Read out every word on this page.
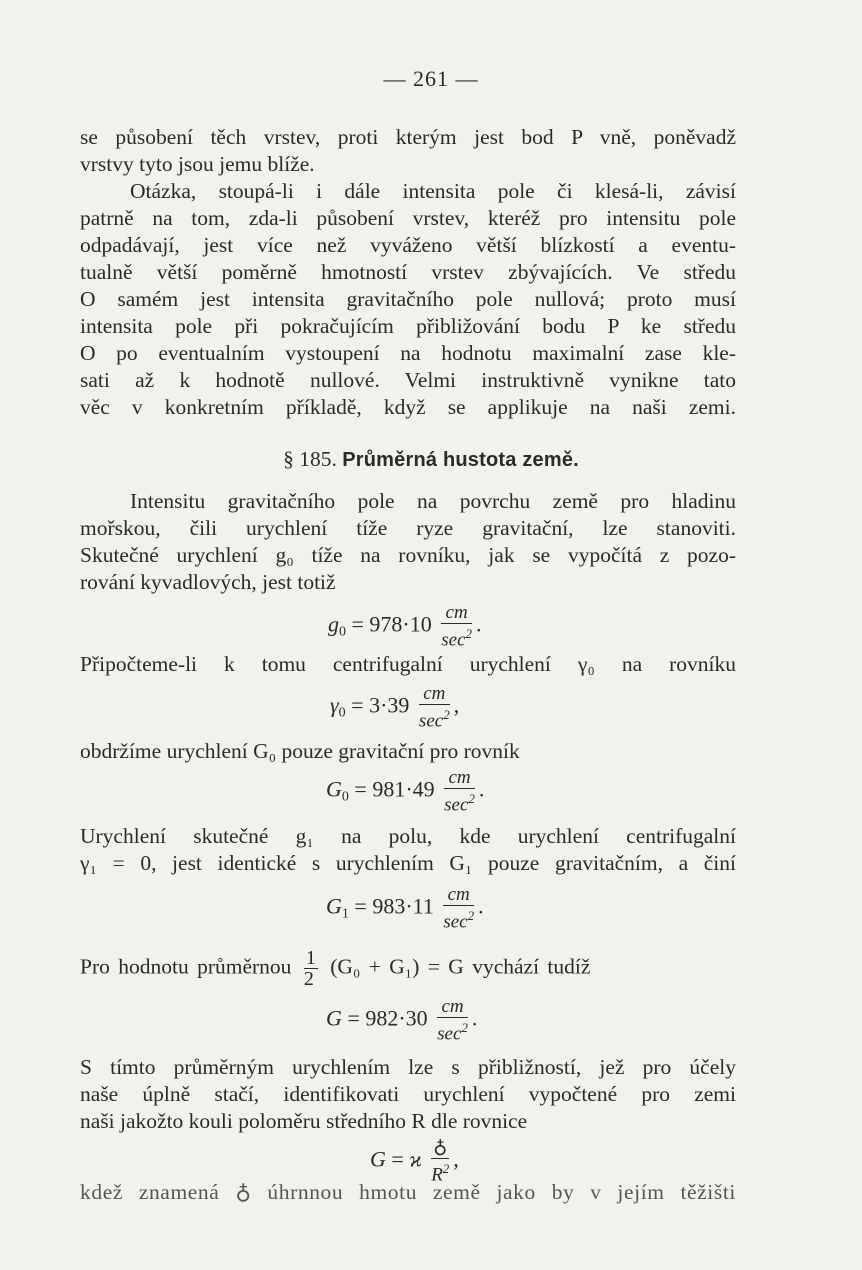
— 261 —
se působení těch vrstev, proti kterým jest bod P vně, poněvadž
vrstvy tyto jsou jemu blíže.
Otázka, stoupá-li i dále intensita pole či klesá-li, závisí
patrně na tom, zda-li působení vrstev, kteréž pro intensitu pole
odpadávají, jest více než vyváženo větší blízkostí a eventu-
tualně větší poměrně hmotností vrstev zbývajících. Ve středu
O samém jest intensita gravitačního pole nullová; proto musí
intensita pole při pokračujícím přibližování bodu P ke středu
O po eventualním vystoupení na hodnotu maximalní zase kle-
sati až k hodnotě nullové. Velmi instruktivně vynikne tato
věc v konkretním příkladě, když se applikuje na naši zemi.
§ 185. Průměrná hustota země.
Intensitu gravitačního pole na povrchu země pro hladinu
mořskou, čili urychlení tíže ryze gravitační, lze stanoviti.
Skutečné urychlení g₀ tíže na rovníku, jak se vypočítá z pozo-
rování kyvadlových, jest totiž
$g_0 = 978\cdot 10 \frac{cm}{\sec^2}$ .
Připočteme-li k tomu centrifugalní urychlení γ₀ na rovníku
$\gamma_0 = 3\cdot 39 \frac{cm}{\sec^2}$ ,
obdržíme urychlení G₀ pouze gravitační pro rovník
$G_0 = 981\cdot 49 \frac{cm}{\sec^2}$ .
Urychlení skutečné g₁ na polu, kde urychlení centrifugalní
γ₁ = 0, jest identické s urychlením G₁ pouze gravitačním, a činí
$G_1 = 983\cdot 11 \frac{cm}{\sec^2}$ .
Pro hodnotu průměrnou $\frac{1}{2} (G_0 + G_1) = G$ vychází tudíž
$G = 982\cdot 30 \frac{cm}{\sec^2}$ .
S tímto průměrným urychlením lze s přibližností, jež pro účely
naše úplně stačí, identifikovati urychlení vypočtené pro zemi
naši jakožto kouli poloměru středního R dle rovnice
G = ϰ $\frac{♁}{R^2}$ ,
kdež znamená ♁ úhrnnou hmotu země jako by v jejím těžišti
